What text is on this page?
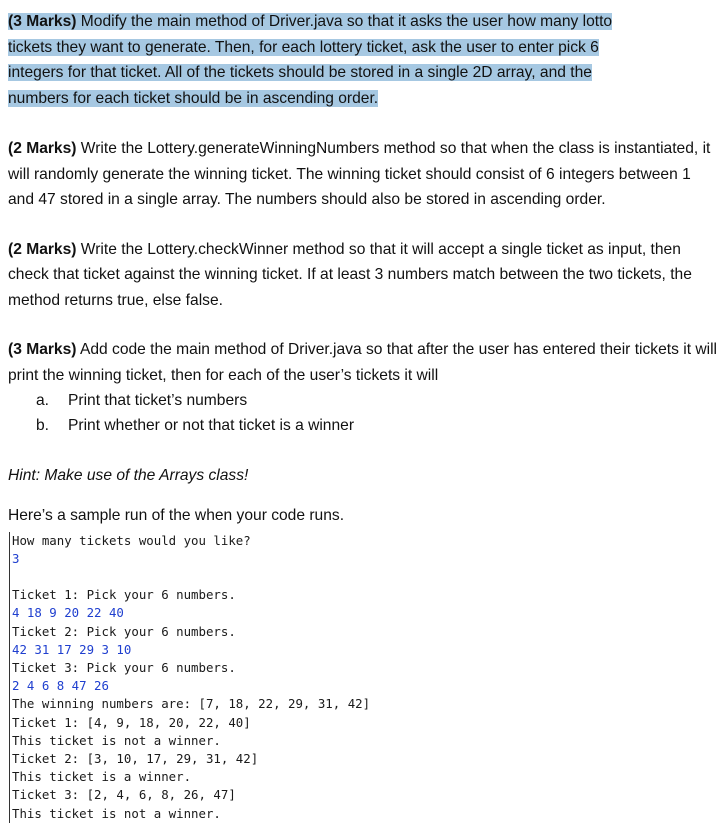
(3 Marks) Modify the main method of Driver.java so that it asks the user how many lotto
tickets they want to generate. Then, for each lottery ticket, ask the user to enter pick 6
integers for that ticket. All of the tickets should be stored in a single 2D array, and the
numbers for each ticket should be in ascending order.

(2 Marks) Write the Lottery.generateWinningNumbers method so that when the class is instantiated, it will randomly generate the winning ticket. The winning ticket should consist of 6 integers between 1 and 47 stored in a single array. The numbers should also be stored in ascending order.

(2 Marks) Write the Lottery.checkWinner method so that it will accept a single ticket as input, then check that ticket against the winning ticket. If at least 3 numbers match between the two tickets, the method returns true, else false.

(3 Marks) Add code the main method of Driver.java so that after the user has entered their tickets it will print the winning ticket, then for each of the user’s tickets it will

a. Print that ticket’s numbers
b. Print whether or not that ticket is a winner

Hint: Make use of the Arrays class!

Here’s a sample run of the when your code runs.

How many tickets would you like?
3
Ticket 1: Pick your 6 numbers.
4 18 9 20 22 40
Ticket 2: Pick your 6 numbers.
42 31 17 29 3 10
Ticket 3: Pick your 6 numbers.
2 4 6 8 47 26
The winning numbers are: [7, 18, 22, 29, 31, 42]
Ticket 1: [4, 9, 18, 20, 22, 40]
This ticket is not a winner.
Ticket 2: [3, 10, 17, 29, 31, 42]
This ticket is a winner.
Ticket 3: [2, 4, 6, 8, 26, 47]
This ticket is not a winner.
